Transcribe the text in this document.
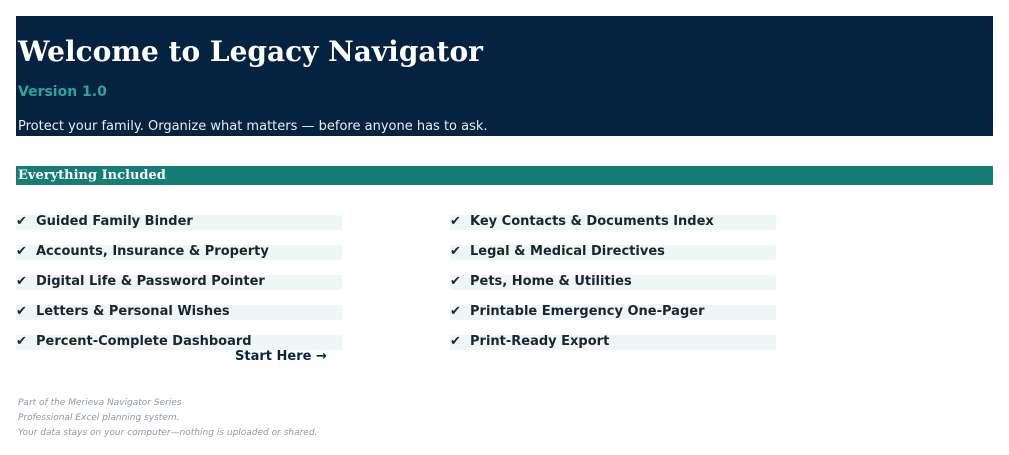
Welcome to Legacy Navigator
Version 1.0
Protect your family. Organize what matters — before anyone has to ask.
Everything Included
✔ Guided Family Binder
✔ Accounts, Insurance & Property
✔ Digital Life & Password Pointer
✔ Letters & Personal Wishes
✔ Percent-Complete Dashboard
✔ Key Contacts & Documents Index
✔ Legal & Medical Directives
✔ Pets, Home & Utilities
✔ Printable Emergency One-Pager
✔ Print-Ready Export
Start Here →
Part of the Merieva Navigator Series
Professional Excel planning system.
Your data stays on your computer—nothing is uploaded or shared.
